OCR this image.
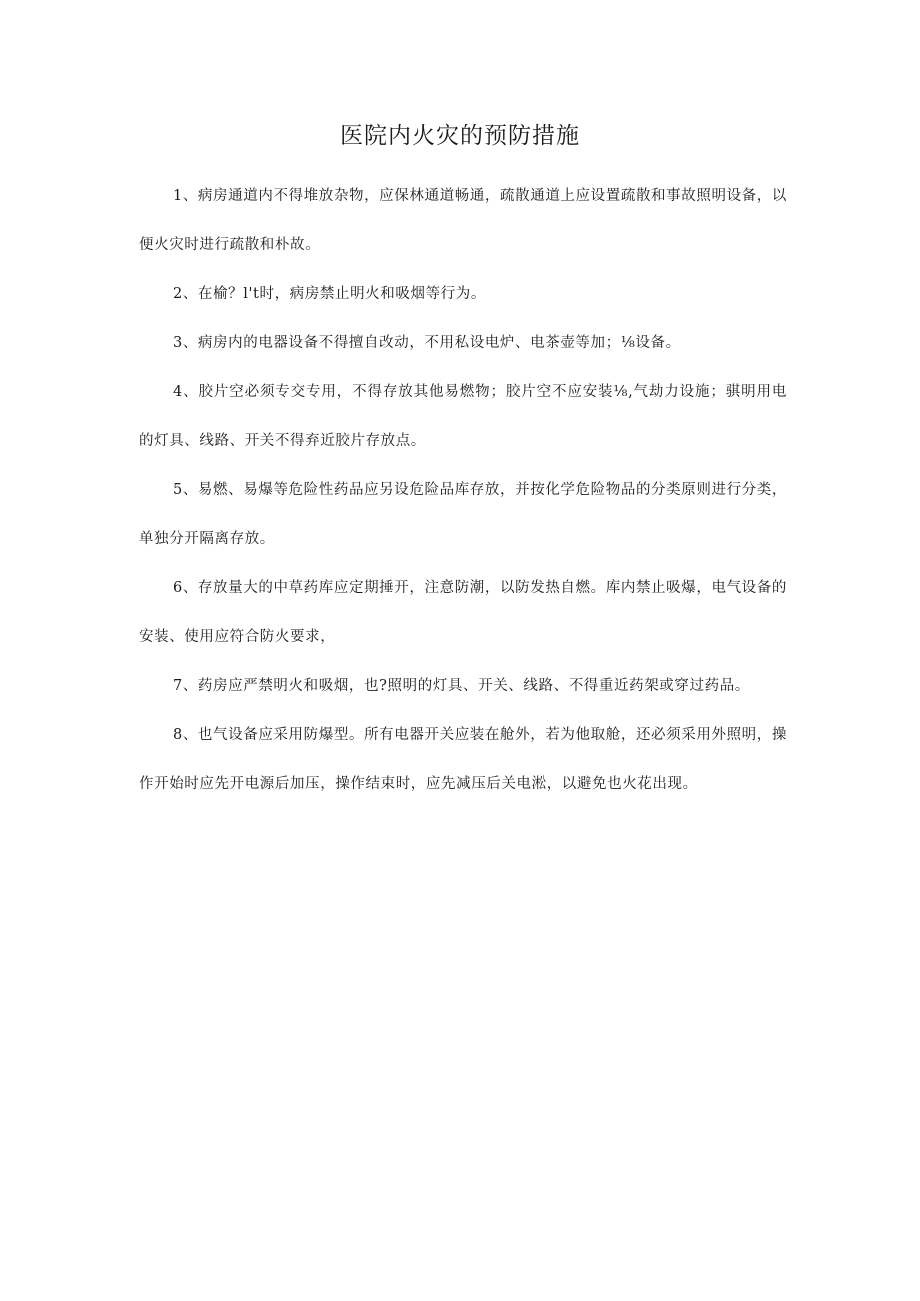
医院内火灾的预防措施

1、病房通道内不得堆放杂物，应保林通道畅通，疏散通道上应设置疏散和事故照明设备，以便火灾时进行疏散和朴故。

2、在榆？l't时，病房禁止明火和吸烟等行为。

3、病房内的电器设备不得擅自改动，不用私设电炉、电茶壶等加；⅛设备。

4、胶片空必须专交专用，不得存放其他易燃物；胶片空不应安装⅛,气劫力设施；骐明用电的灯具、线路、开关不得弃近胶片存放点。

5、易燃、易爆等危险性药品应另设危险品库存放，并按化学危险物品的分类原则进行分类，单独分开隔离存放。

6、存放量大的中草药库应定期捶开，注意防潮，以防发热自燃。库内禁止吸爆，电气设备的安装、使用应符合防火要求，

7、药房应严禁明火和吸烟，也?照明的灯具、开关、线路、不得重近药架或穿过药品。

8、也气设备应采用防爆型。所有电器开关应装在舱外，若为他取舱，还必须采用外照明，操作开始时应先开电源后加压，操作结束时，应先减压后关电淞，以避免也火花出现。
